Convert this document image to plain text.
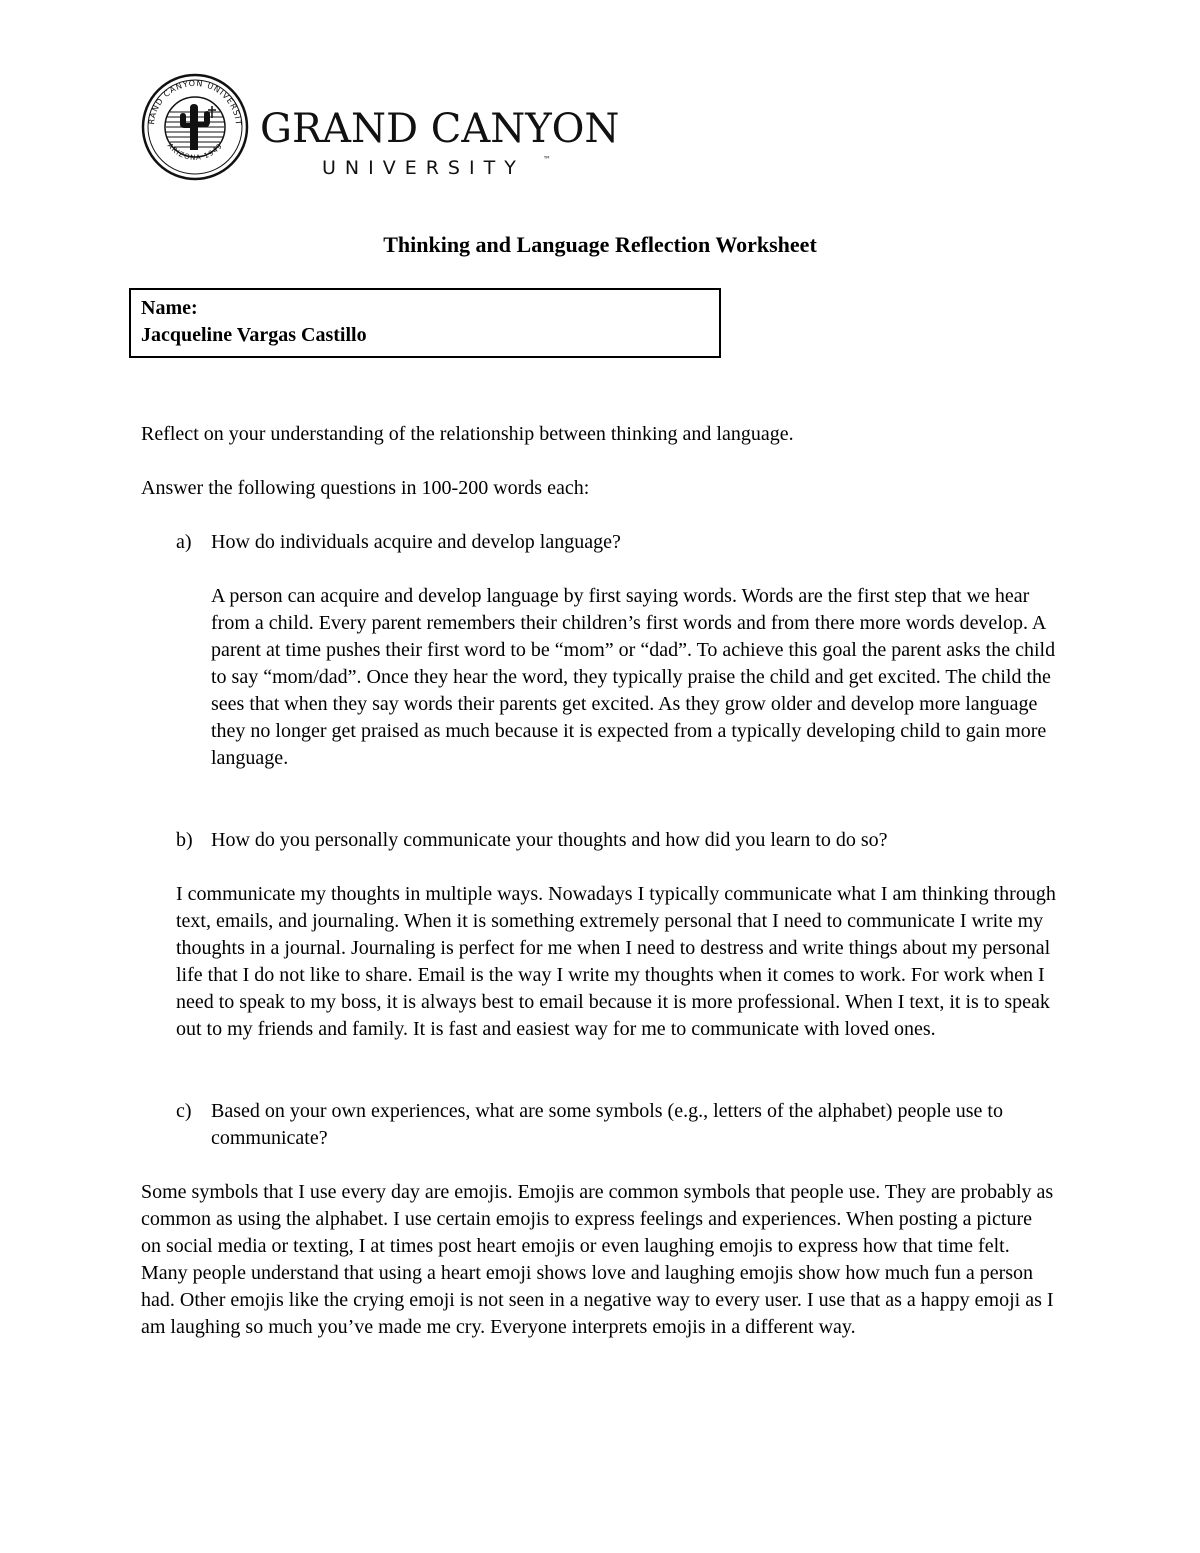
RAND CANYON UNIVERSIT
ARIZONA 1949 GRAND CANYON
UNIVERSITY ™
Thinking and Language Reflection Worksheet
Name:
Jacqueline Vargas Castillo

Reflect on your understanding of the relationship between thinking and language.

Answer the following questions in 100-200 words each:

a) How do individuals acquire and develop language?

A person can acquire and develop language by first saying words. Words are the first step that we hear from a child. Every parent remembers their children’s first words and from there more words develop. A parent at time pushes their first word to be “mom” or “dad”. To achieve this goal the parent asks the child to say “mom/dad”. Once they hear the word, they typically praise the child and get excited. The child the sees that when they say words their parents get excited. As they grow older and develop more language they no longer get praised as much because it is expected from a typically developing child to gain more language.

b) How do you personally communicate your thoughts and how did you learn to do so?

I communicate my thoughts in multiple ways. Nowadays I typically communicate what I am thinking through text, emails, and journaling. When it is something extremely personal that I need to communicate I write my thoughts in a journal. Journaling is perfect for me when I need to destress and write things about my personal life that I do not like to share. Email is the way I write my thoughts when it comes to work. For work when I need to speak to my boss, it is always best to email because it is more professional. When I text, it is to speak out to my friends and family. It is fast and easiest way for me to communicate with loved ones.

c) Based on your own experiences, what are some symbols (e.g., letters of the alphabet) people use to communicate?

Some symbols that I use every day are emojis. Emojis are common symbols that people use. They are probably as common as using the alphabet. I use certain emojis to express feelings and experiences. When posting a picture on social media or texting, I at times post heart emojis or even laughing emojis to express how that time felt. Many people understand that using a heart emoji shows love and laughing emojis show how much fun a person had. Other emojis like the crying emoji is not seen in a negative way to every user. I use that as a happy emoji as I am laughing so much you’ve made me cry. Everyone interprets emojis in a different way.
